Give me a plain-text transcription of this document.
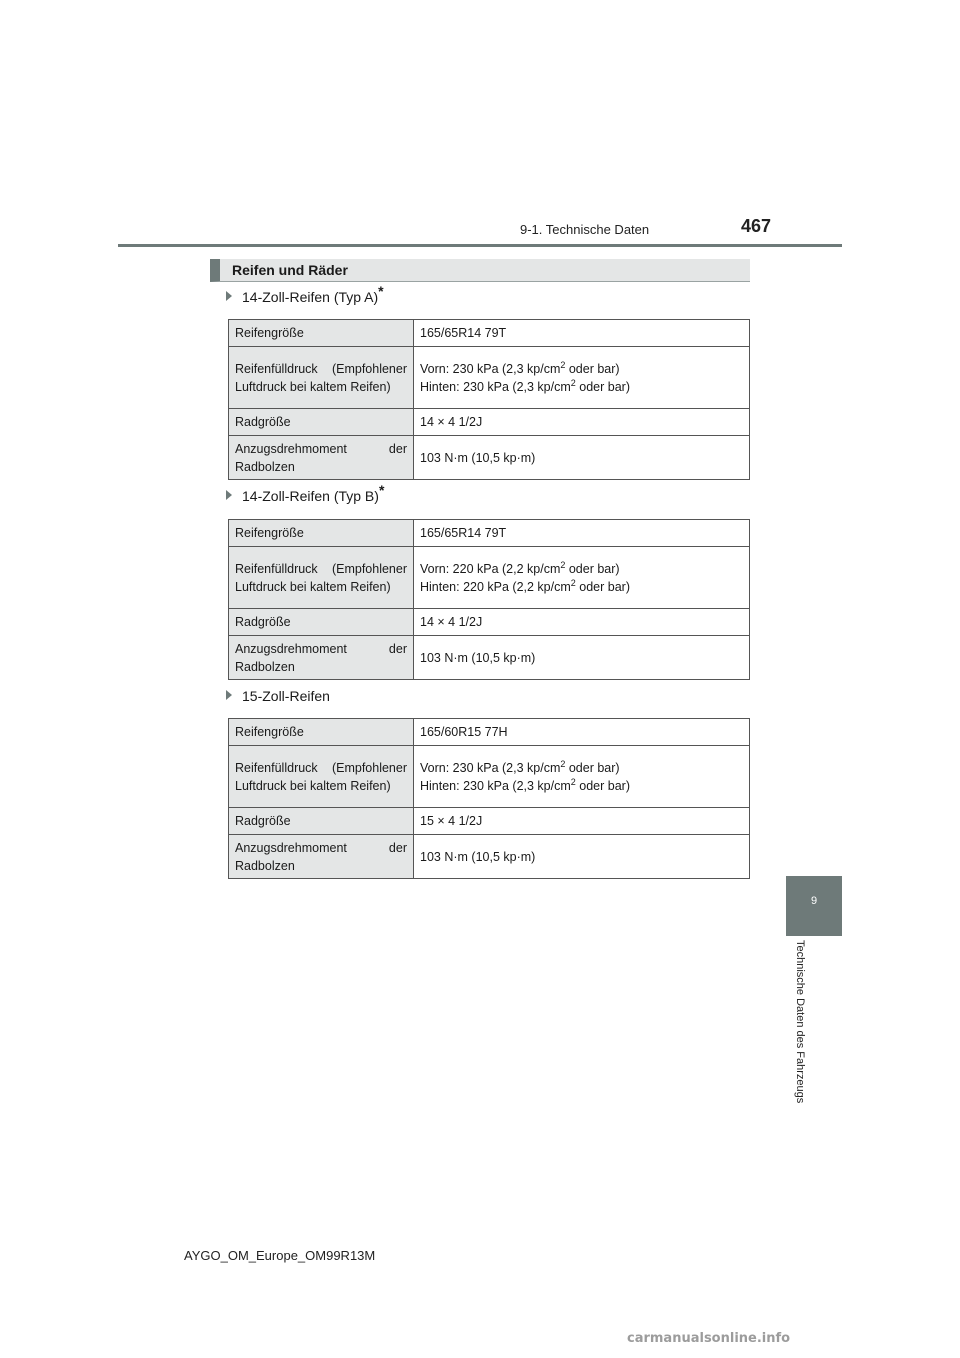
9-1. Technische Daten	467
Reifen und Räder
14-Zoll-Reifen (Typ A)*
Reifengröße	165/65R14 79T
Reifenfülldruck (Empfohlener Luftdruck bei kaltem Reifen)	Vorn: 230 kPa (2,3 $kp/cm^2$ oder bar)
Hinten: 230 kPa (2,3 $kp/cm^2$ oder bar)
Radgröße	14 × 4 1/2J
Anzugsdrehmoment der Radbolzen	103 N·m (10,5 kp·m)
14-Zoll-Reifen (Typ B)*
Reifengröße	165/65R14 79T
Reifenfülldruck (Empfohlener Luftdruck bei kaltem Reifen)	Vorn: 220 kPa (2,2 $kp/cm^2$ oder bar)
Hinten: 220 kPa (2,2 $kp/cm^2$ oder bar)
Radgröße	14 × 4 1/2J
Anzugsdrehmoment der Radbolzen	103 N·m (10,5 kp·m)
15-Zoll-Reifen
Reifengröße	165/60R15 77H
Reifenfülldruck (Empfohlener Luftdruck bei kaltem Reifen)	Vorn: 230 kPa (2,3 $kp/cm^2$ oder bar)
Hinten: 230 kPa (2,3 $kp/cm^2$ oder bar)
Radgröße	15 × 4 1/2J
Anzugsdrehmoment der Radbolzen	103 N·m (10,5 kp·m)
9
Technische Daten des Fahrzeugs
AYGO_OM_Europe_OM99R13M
carmanualsonline.info
